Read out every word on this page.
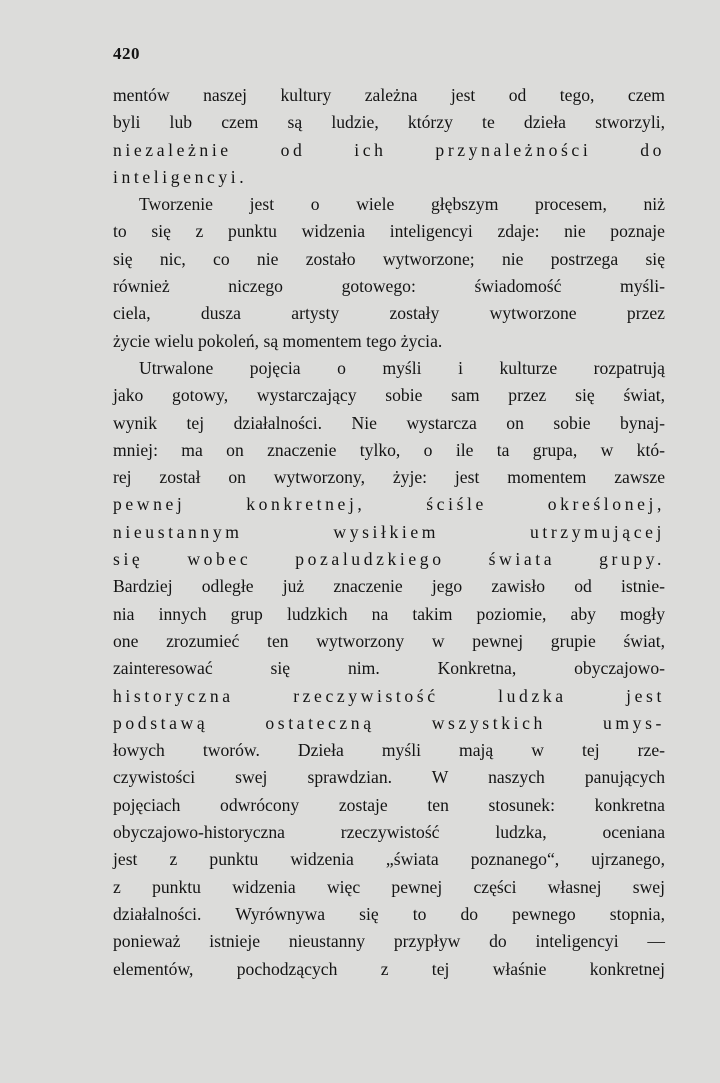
420
mentów naszej kultury zależna jest od tego, czem
byli lub czem są ludzie, którzy te dzieła stworzyli,
niezależnie od ich przynależności do
inteligencyi.
Tworzenie jest o wiele głębszym procesem, niż
to się z punktu widzenia inteligencyi zdaje: nie poznaje
się nic, co nie zostało wytworzone; nie postrzega się
również niczego gotowego: świadomość myśli-
ciela, dusza artysty zostały wytworzone przez
życie wielu pokoleń, są momentem tego życia.
Utrwalone pojęcia o myśli i kulturze rozpatrują
jako gotowy, wystarczający sobie sam przez się świat,
wynik tej działalności. Nie wystarcza on sobie bynaj-
mniej: ma on znaczenie tylko, o ile ta grupa, w któ-
rej został on wytworzony, żyje: jest momentem zawsze
pewnej konkretnej, ściśle określonej,
nieustannym wysiłkiem utrzymującej
się wobec pozaludzkiego świata grupy.
Bardziej odległe już znaczenie jego zawisło od istnie-
nia innych grup ludzkich na takim poziomie, aby mogły
one zrozumieć ten wytworzony w pewnej grupie świat,
zainteresować się nim. Konkretna, obyczajowo-
historyczna rzeczywistość ludzka jest
podstawą ostateczną wszystkich umys-
łowych tworów. Dzieła myśli mają w tej rze-
czywistości swej sprawdzian. W naszych panujących
pojęciach odwrócony zostaje ten stosunek: konkretna
obyczajowo-historyczna rzeczywistość ludzka, oceniana
jest z punktu widzenia „świata poznanego“, ujrzanego,
z punktu widzenia więc pewnej części własnej swej
działalności. Wyrównywa się to do pewnego stopnia,
ponieważ istnieje nieustanny przypływ do inteligencyi —
elementów, pochodzących z tej właśnie konkretnej
